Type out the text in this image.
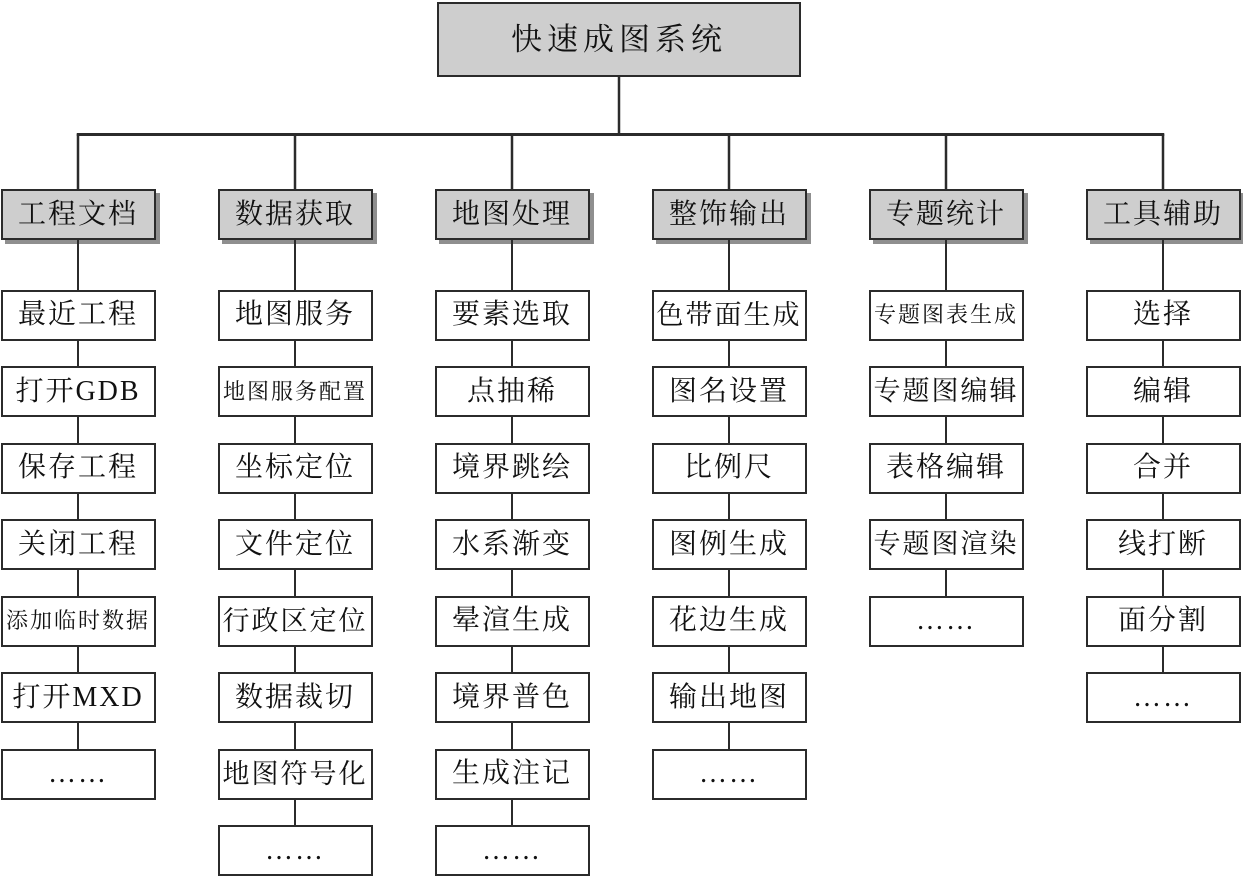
快速成图系统
工程文档
最近工程
打开GDB
保存工程
关闭工程
添加临时数据
打开MXD
……
数据获取
地图服务
地图服务配置
坐标定位
文件定位
行政区定位
数据裁切
地图符号化
……
地图处理
要素选取
点抽稀
境界跳绘
水系渐变
晕渲生成
境界普色
生成注记
……
整饰输出
色带面生成
图名设置
比例尺
图例生成
花边生成
输出地图
……
专题统计
专题图表生成
专题图编辑
表格编辑
专题图渲染
……
工具辅助
选择
编辑
合并
线打断
面分割
……
